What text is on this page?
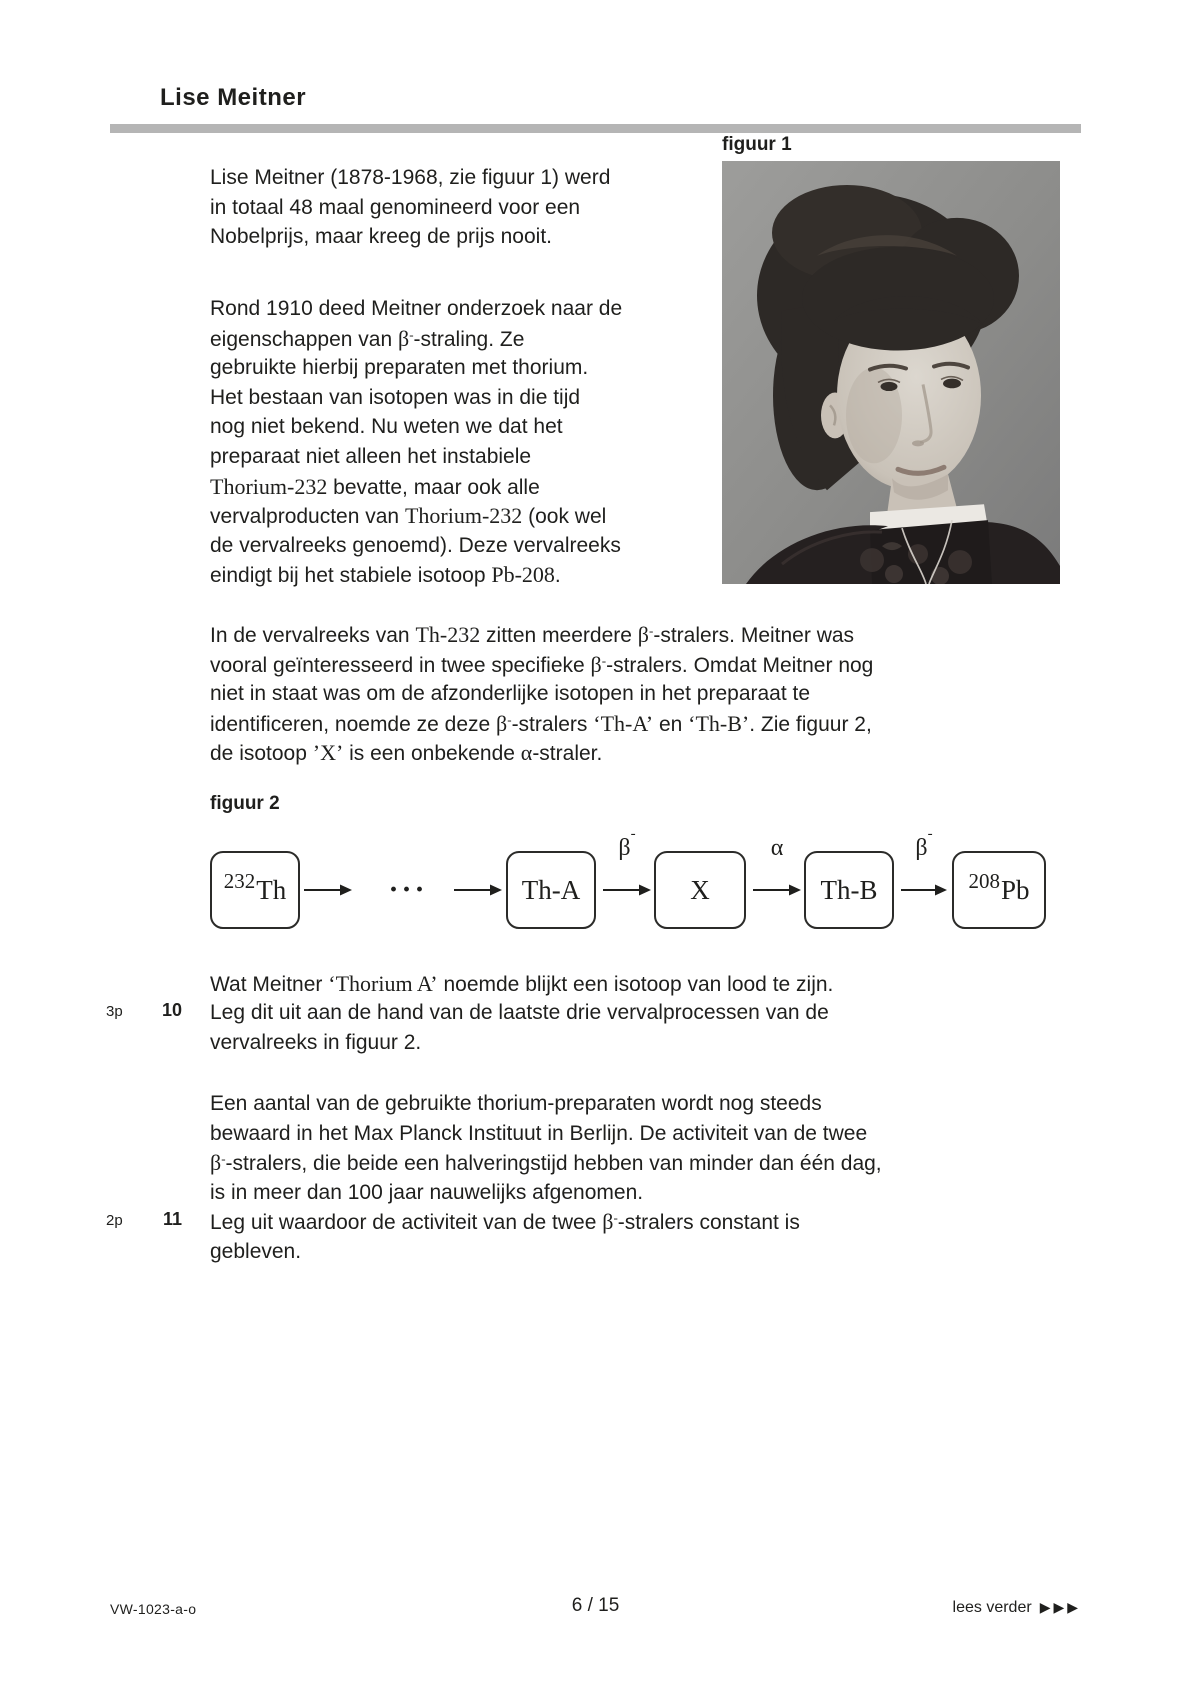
Lise Meitner
figuur 1
Lise Meitner (1878-1968, zie figuur 1) werd
in totaal 48 maal genomineerd voor een
Nobelprijs, maar kreeg de prijs nooit.
Rond 1910 deed Meitner onderzoek naar de
eigenschappen van β--straling. Ze
gebruikte hierbij preparaten met thorium.
Het bestaan van isotopen was in die tijd
nog niet bekend. Nu weten we dat het
preparaat niet alleen het instabiele
Thorium-232 bevatte, maar ook alle
vervalproducten van Thorium-232 (ook wel
de vervalreeks genoemd). Deze vervalreeks
eindigt bij het stabiele isotoop Pb-208.
In de vervalreeks van Th-232 zitten meerdere β--stralers. Meitner was
vooral geïnteresseerd in twee specifieke β--stralers. Omdat Meitner nog
niet in staat was om de afzonderlijke isotopen in het preparaat te
identificeren, noemde ze deze β--stralers ‘Th-A’ en ‘Th-B’. Zie figuur 2,
de isotoop ’X’ is een onbekende α-straler.
figuur 2
232 Th	···	Th-A
β-
X
α
Th-B
β-
208 Pb
Wat Meitner ‘Thorium A’ noemde blijkt een isotoop van lood te zijn.
3p	10 Leg dit uit aan de hand van de laatste drie vervalprocessen van de
vervalreeks in figuur 2.
Een aantal van de gebruikte thorium-preparaten wordt nog steeds
bewaard in het Max Planck Instituut in Berlijn. De activiteit van de twee
β--stralers, die beide een halveringstijd hebben van minder dan één dag,
is in meer dan 100 jaar nauwelijks afgenomen.
2p	11 Leg uit waardoor de activiteit van de twee β--stralers constant is
gebleven.
VW-1023-a-o	6 / 15	lees verder ▶▶▶
